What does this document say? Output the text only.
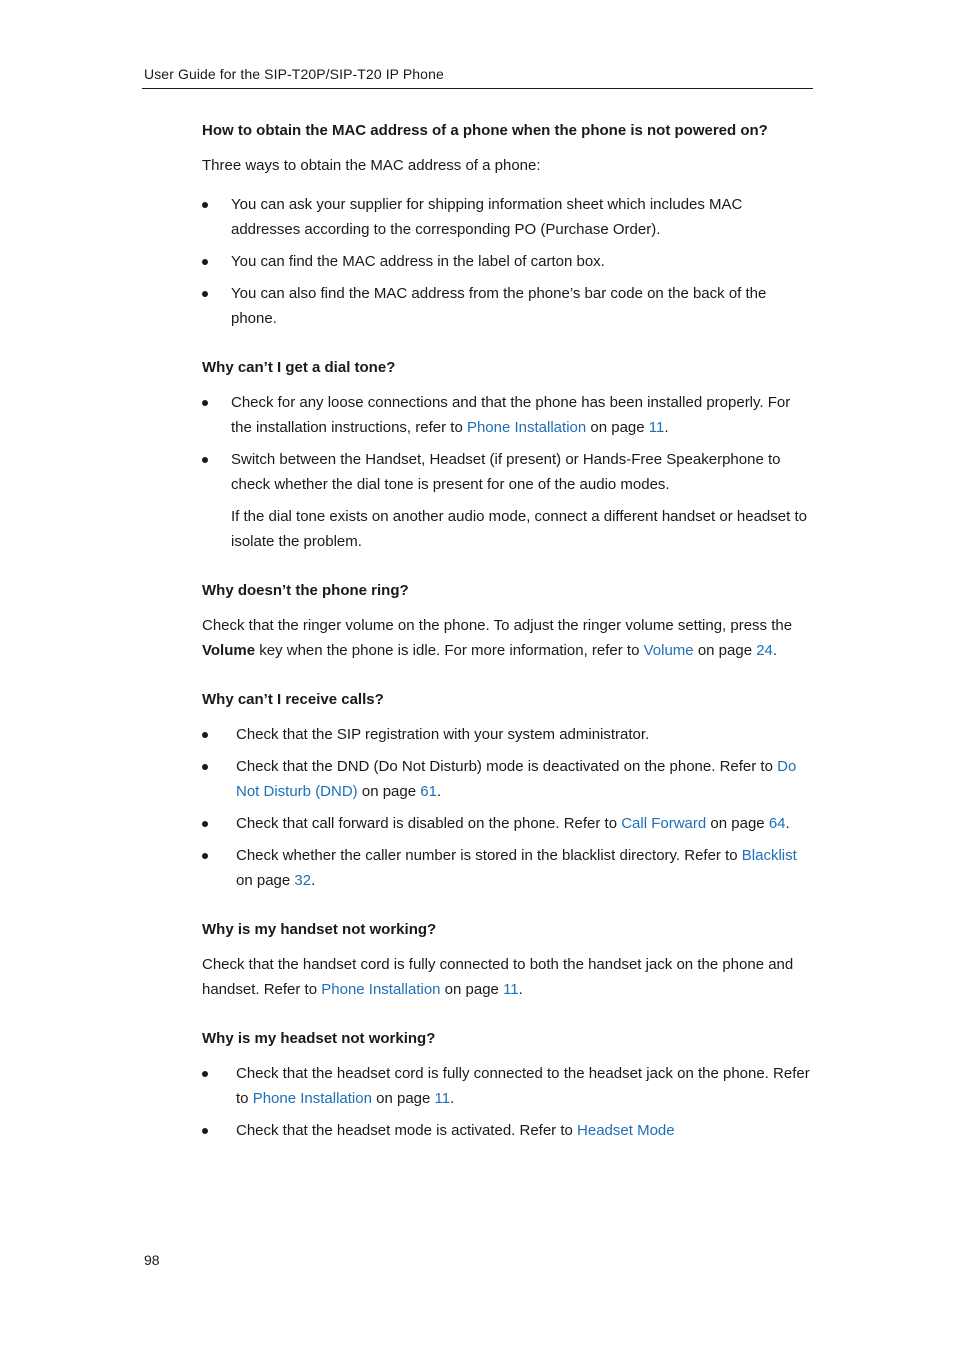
User Guide for the SIP-T20P/SIP-T20 IP Phone
How to obtain the MAC address of a phone when the phone is not powered on?

Three ways to obtain the MAC address of a phone:

You can ask your supplier for shipping information sheet which includes MAC addresses according to the corresponding PO (Purchase Order).
You can find the MAC address in the label of carton box.
You can also find the MAC address from the phone’s bar code on the back of the phone.
Why can’t I get a dial tone?
Check for any loose connections and that the phone has been installed properly. For the installation instructions, refer to Phone Installation on page 11.
Switch between the Handset, Headset (if present) or Hands-Free Speakerphone to check whether the dial tone is present for one of the audio modes.

If the dial tone exists on another audio mode, connect a different handset or headset to isolate the problem.

Why doesn’t the phone ring?

Check that the ringer volume on the phone. To adjust the ringer volume setting, press the Volume key when the phone is idle. For more information, refer to Volume on page 24.

Why can’t I receive calls?
Check that the SIP registration with your system administrator.
Check that the DND (Do Not Disturb) mode is deactivated on the phone. Refer to Do Not Disturb (DND) on page 61.
Check that call forward is disabled on the phone. Refer to Call Forward on page 64.
Check whether the caller number is stored in the blacklist directory. Refer to Blacklist on page 32.
Why is my handset not working?

Check that the handset cord is fully connected to both the handset jack on the phone and handset. Refer to Phone Installation on page 11.

Why is my headset not working?
Check that the headset cord is fully connected to the headset jack on the phone. Refer to Phone Installation on page 11.
Check that the headset mode is activated. Refer to Headset Mode
98
